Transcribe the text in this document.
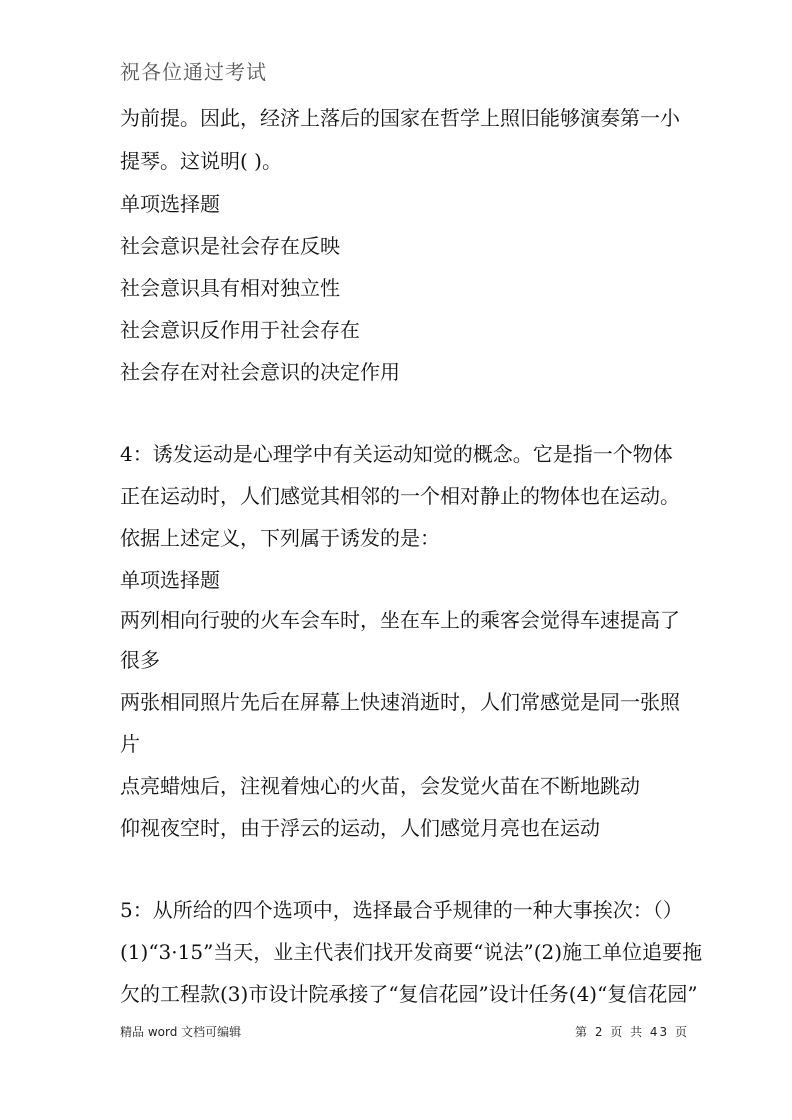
祝各位通过考试
为前提。因此，经济上落后的国家在哲学上照旧能够演奏第一小
提琴。这说明( )。
单项选择题
社会意识是社会存在反映
社会意识具有相对独立性
社会意识反作用于社会存在
社会存在对社会意识的决定作用
4：诱发运动是心理学中有关运动知觉的概念。它是指一个物体
正在运动时，人们感觉其相邻的一个相对静止的物体也在运动。
依据上述定义，下列属于诱发的是：
单项选择题
两列相向行驶的火车会车时，坐在车上的乘客会觉得车速提高了
很多
两张相同照片先后在屏幕上快速消逝时，人们常感觉是同一张照
片
点亮蜡烛后，注视着烛心的火苗，会发觉火苗在不断地跳动
仰视夜空时，由于浮云的运动，人们感觉月亮也在运动
5：从所给的四个选项中，选择最合乎规律的一种大事挨次：（）
(1)“3·15”当天，业主代表们找开发商要“说法”(2)施工单位追要拖
欠的工程款(3)市设计院承接了“复信花园”设计任务(4)“复信花园”
精品 word 文档可编辑	第 2 页 共 43 页
